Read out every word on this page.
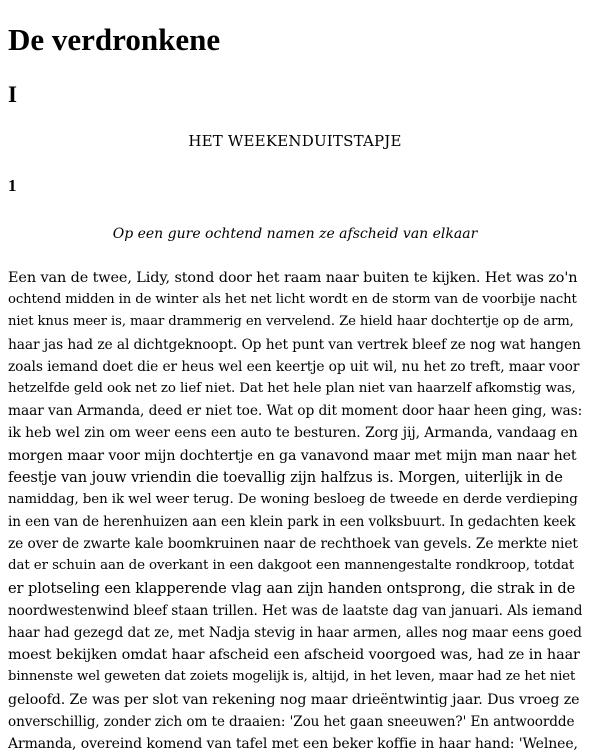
De verdronkene
I

HET WEEKENDUITSTAPJE

1

Op een gure ochtend namen ze afscheid van elkaar

Een van de twee, Lidy, stond door het raam naar buiten te kijken. Het was zo'n
ochtend midden in de winter als het net licht wordt en de storm van de voorbije nacht
niet knus meer is, maar drammerig en vervelend. Ze hield haar dochtertje op de arm,
haar jas had ze al dichtgeknoopt. Op het punt van vertrek bleef ze nog wat hangen
zoals iemand doet die er heus wel een keertje op uit wil, nu het zo treft, maar voor
hetzelfde geld ook net zo lief niet. Dat het hele plan niet van haarzelf afkomstig was,
maar van Armanda, deed er niet toe. Wat op dit moment door haar heen ging, was:
ik heb wel zin om weer eens een auto te besturen. Zorg jij, Armanda, vandaag en
morgen maar voor mijn dochtertje en ga vanavond maar met mijn man naar het
feestje van jouw vriendin die toevallig zijn halfzus is. Morgen, uiterlijk in de
namiddag, ben ik wel weer terug. De woning besloeg de tweede en derde verdieping
in een van de herenhuizen aan een klein park in een volksbuurt. In gedachten keek
ze over de zwarte kale boomkruinen naar de rechthoek van gevels. Ze merkte niet
dat er schuin aan de overkant in een dakgoot een mannengestalte rondkroop, totdat
er plotseling een klapperende vlag aan zijn handen ontsprong, die strak in de
noordwestenwind bleef staan trillen. Het was de laatste dag van januari. Als iemand
haar had gezegd dat ze, met Nadja stevig in haar armen, alles nog maar eens goed
moest bekijken omdat haar afscheid een afscheid voorgoed was, had ze in haar
binnenste wel geweten dat zoiets mogelijk is, altijd, in het leven, maar had ze het niet
geloofd. Ze was per slot van rekening nog maar drieëntwintig jaar. Dus vroeg ze
onverschillig, zonder zich om te draaien: 'Zou het gaan sneeuwen?' En antwoordde
Armanda, overeind komend van tafel met een beker koffie in haar hand: 'Welnee,
